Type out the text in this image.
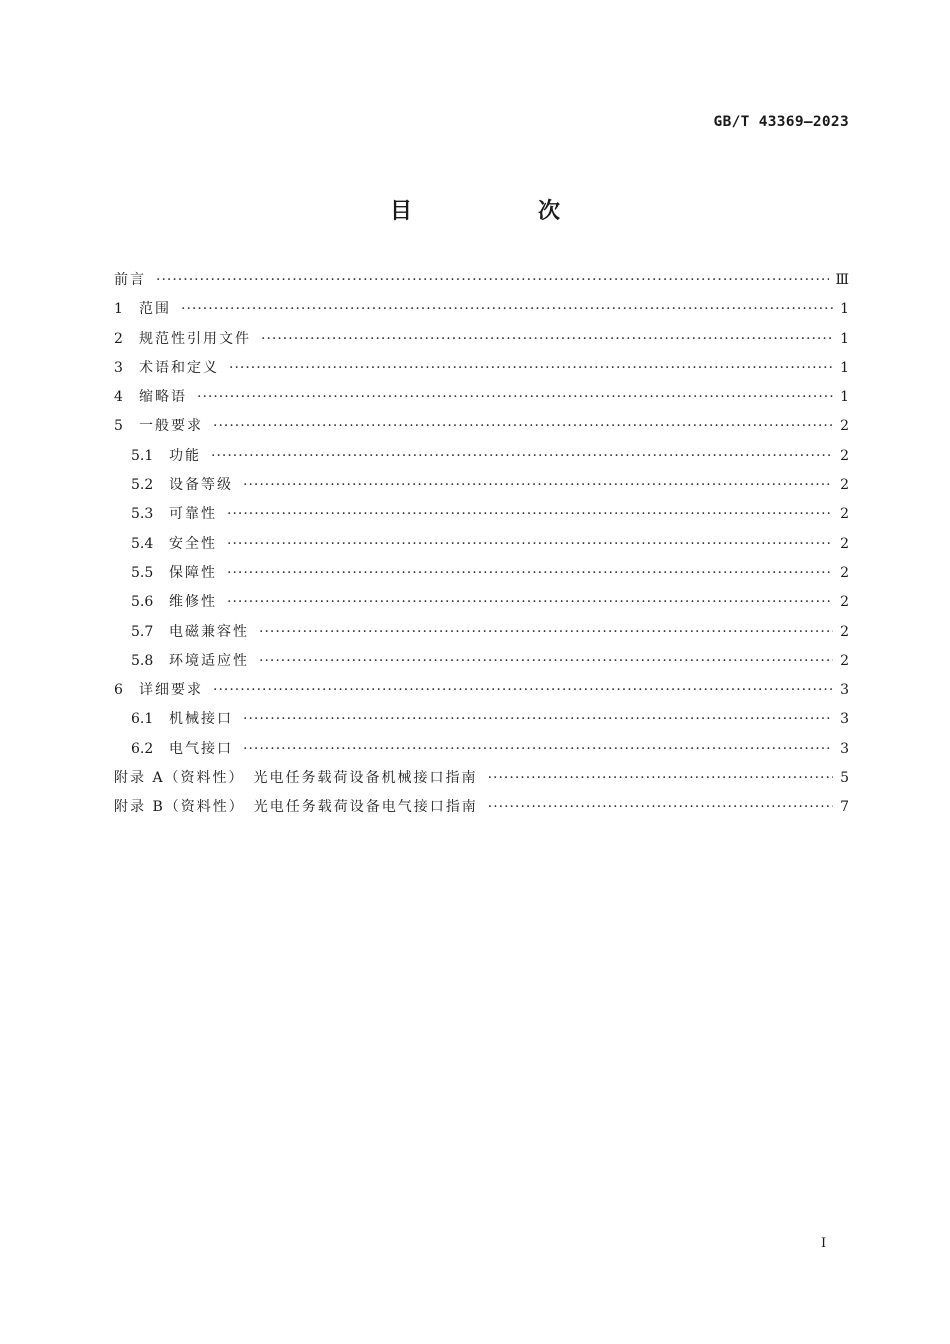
GB/T 43369—2023
目　次
前言 ·····	Ⅲ
1	范围 ·····	1
2	规范性引用文件 ·····	1
3	术语和定义 ·····	1
4	缩略语 ·····	1
5	一般要求 ·····	2
5.1	功能 ·····	2
5.2	设备等级 ·····	2
5.3	可靠性 ·····	2
5.4	安全性 ·····	2
5.5	保障性 ·····	2
5.6	维修性 ·····	2
5.7	电磁兼容性 ·····	2
5.8	环境适应性 ·····	2
6	详细要求 ·····	3
6.1	机械接口 ·····	3
6.2	电气接口 ·····	3
附录 A（资料性）　光电任务载荷设备机械接口指南 ·····	5
附录 B（资料性）　光电任务载荷设备电气接口指南 ·····	7
Ⅰ
